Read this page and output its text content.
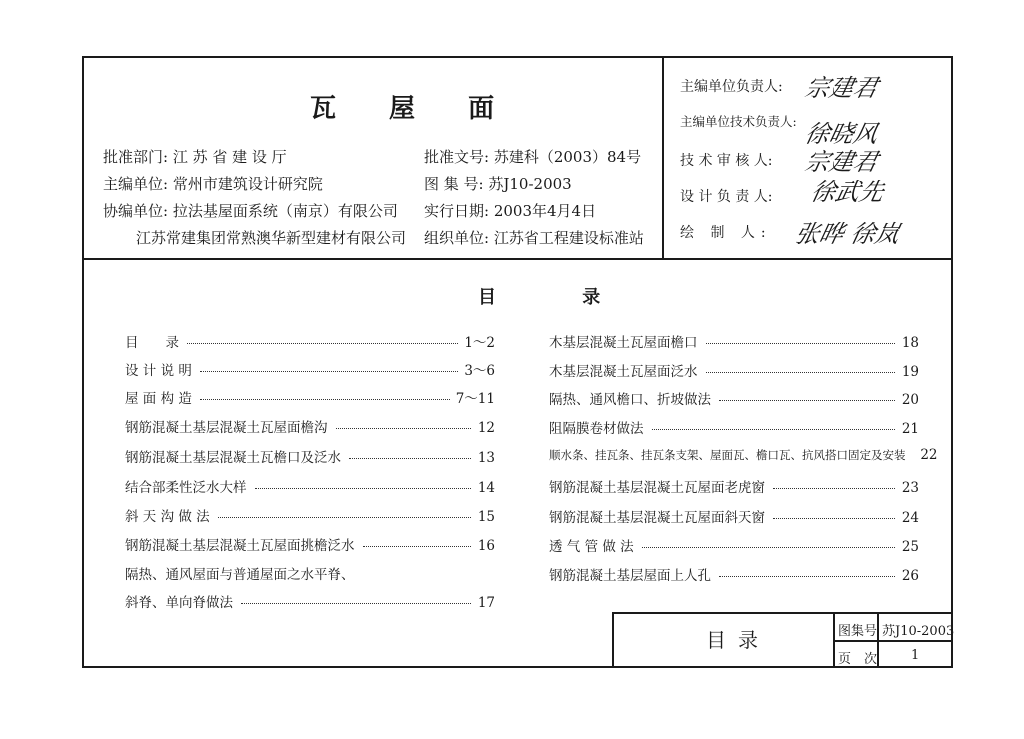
瓦 屋 面
批准部门: 江 苏 省 建 设 厅
主编单位: 常州市建筑设计研究院
协编单位: 拉法基屋面系统（南京）有限公司
江苏常建集团常熟澳华新型建材有限公司
批准文号: 苏建科（2003）84号
图 集 号: 苏J10-2003
实行日期: 2003年4月4日
组织单位: 江苏省工程建设标准站
主编单位负责人: 宗建君
主编单位技术负责人: 徐晓风
技 术 审 核 人: 宗建君
设 计 负 责 人: 徐武先
绘 制 人: 张晔 徐岚
目 录
目　　录	1～2
设 计 说 明	3～6
屋 面 构 造	7～11
钢筋混凝土基层混凝土瓦屋面檐沟	12
钢筋混凝土基层混凝土瓦檐口及泛水	13
结合部柔性泛水大样	14
斜 天 沟 做 法	15
钢筋混凝土基层混凝土瓦屋面挑檐泛水	16
隔热、通风屋面与普通屋面之水平脊、
斜脊、单向脊做法	17
木基层混凝土瓦屋面檐口	18
木基层混凝土瓦屋面泛水	19
隔热、通风檐口、折坡做法	20
阻隔膜卷材做法	21
顺水条、挂瓦条、挂瓦条支架、屋面瓦、檐口瓦、抗风搭口固定及安装 22
钢筋混凝土基层混凝土瓦屋面老虎窗	23
钢筋混凝土基层混凝土瓦屋面斜天窗	24
透 气 管 做 法	25
钢筋混凝土基层屋面上人孔	26
目录	图集号 苏J10-2003
页　次	1
